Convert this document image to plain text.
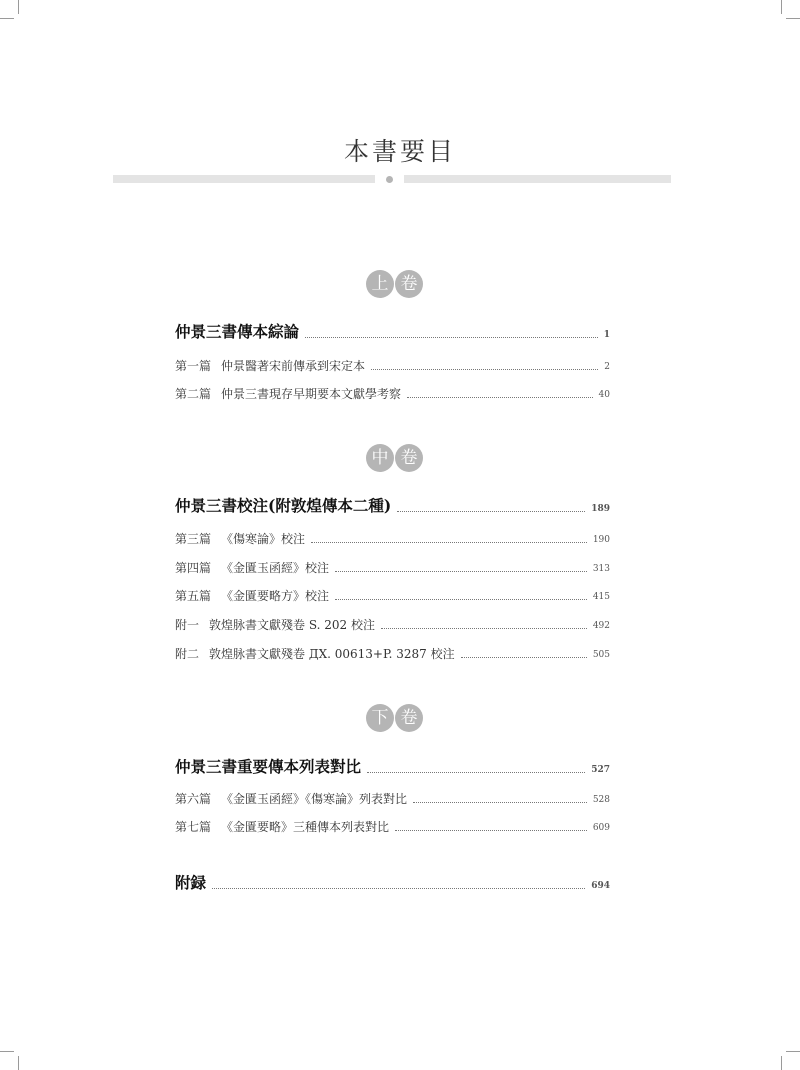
本書要目
上 卷
仲景三書傳本綜論	1
第一篇 仲景醫著宋前傳承到宋定本	2
第二篇 仲景三書現存早期要本文獻學考察	40
中 卷
仲景三書校注(附敦煌傳本二種)	189
第三篇 《傷寒論》校注	190
第四篇 《金匱玉函經》校注	313
第五篇 《金匱要略方》校注	415
附一 敦煌脉書文獻殘卷 S. 202 校注	492
附二 敦煌脉書文獻殘卷 ДX. 00613+P. 3287 校注	505
下 卷
仲景三書重要傳本列表對比	527
第六篇 《金匱玉函經》《傷寒論》列表對比	528
第七篇 《金匱要略》三種傳本列表對比	609
附録	694
